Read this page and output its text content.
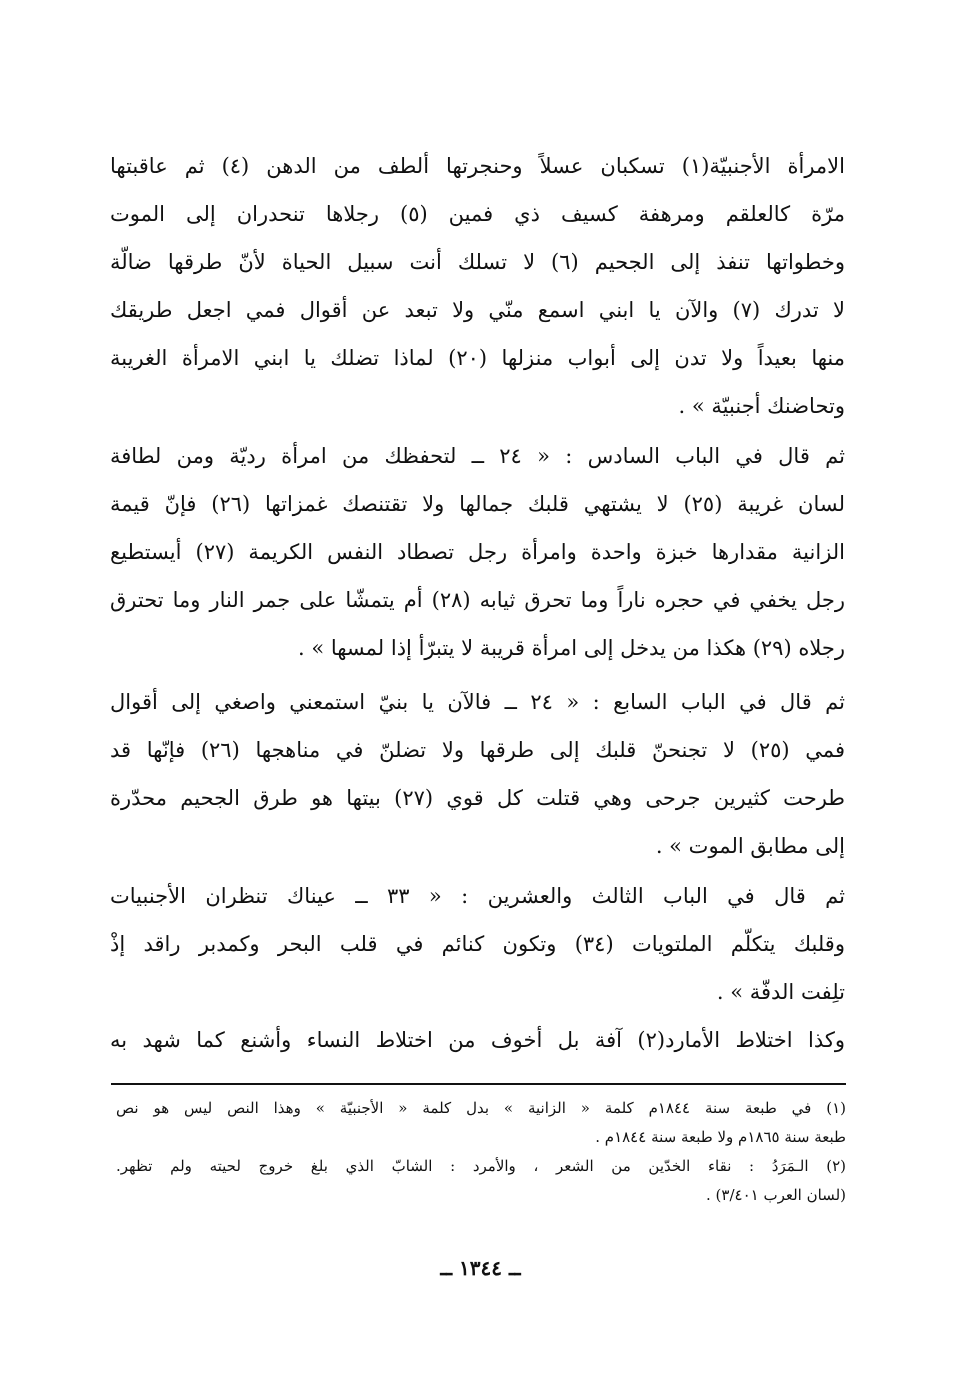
الامرأة الأجنبيّة(١) تسكبان عسلاً وحنجرتها ألطف من الدهن (٤) ثم عاقبتها
مرّة كالعلقم ومرهفة كسيف ذي فمين (٥) رجلاها تنحدران إلى الموت
وخطواتها تنفذ إلى الجحيم (٦) لا تسلك أنت سبيل الحياة لأنّ طرقها ضالّة
لا تدرك (٧) والآن يا ابني اسمع منّي ولا تبعد عن أقوال فمي اجعل طريقك
منها بعيداً ولا تدن إلى أبواب منزلها (٢٠) لماذا تضلك يا ابني الامرأة الغريبة
وتحاضنك أجنبيّة » .

ثم قال في الباب السادس : « ٢٤ ــ لتحفظك من امرأة رديّة ومن لطافة
لسان غريبة (٢٥) لا يشتهي قلبك جمالها ولا تقتنصك غمزاتها (٢٦) فإنّ قيمة
الزانية مقدارها خبزة واحدة وامرأة رجل تصطاد النفس الكريمة (٢٧) أيستطيع
رجل يخفي في حجره ناراً وما تحرق ثيابه (٢٨) أم يتمشّا على جمر النار وما تحترق
رجلاه (٢٩) هكذا من يدخل إلى امرأة قريبة لا يتبرّأ إذا لمسها » .

ثم قال في الباب السابع : « ٢٤ ــ فالآن يا بنيّ استمعني واصغي إلى أقوال
فمي (٢٥) لا تجنحنّ قلبك إلى طرقها ولا تضلنّ في مناهجها (٢٦) فإنّها قد
طرحت كثيرين جرحى وهي قتلت كل قوي (٢٧) بيتها هو طرق الجحيم محدّرة
إلى مطابق الموت » .

ثم قال في الباب الثالث والعشرين : « ٣٣ ــ عيناك تنظران الأجنبيات
وقلبك يتكلّم الملتويات (٣٤) وتكون كنائم في قلب البحر وكمدبر راقد إذْ
تلِفت الدفّة » .

وكذا اختلاط الأمارد(٢) آفة بل أخوف من اختلاط النساء وأشنع كما شهد به

(١) في طبعة سنة ١٨٤٤م كلمة « الزانية » بدل كلمة « الأجنبيّة » وهذا النص ليس هو نص
طبعة سنة ١٨٦٥م ولا طبعة سنة ١٨٤٤م .

(٢) الـمَرَدُ : نقاء الخدّين من الشعر ، والأمرد : الشابّ الذي بلغ خروج لحيته ولم تظهر.
(لسان العرب ٣/٤٠١) .

ــ ١٣٤٤ ــ
